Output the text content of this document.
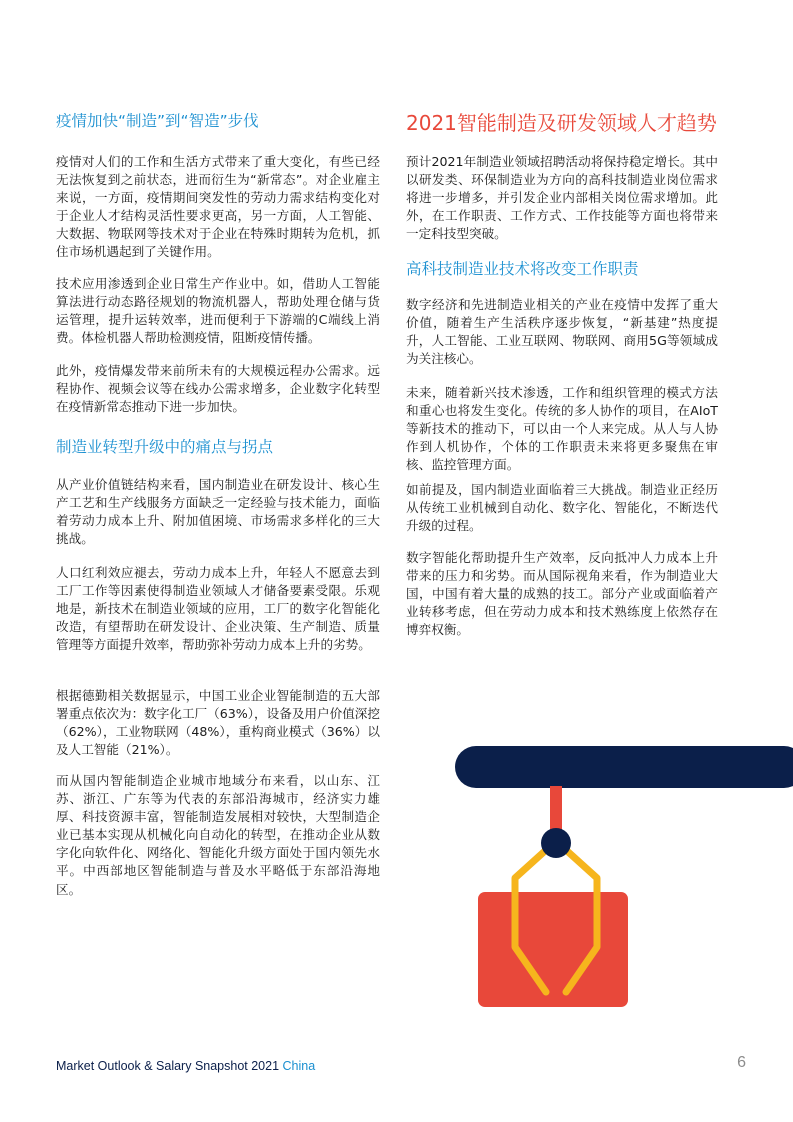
疫情加快“制造”到“智造”步伐

疫情对人们的工作和生活方式带来了重大变化，有些已经无法恢复到之前状态，进而衍生为“新常态”。对企业雇主来说，一方面，疫情期间突发性的劳动力需求结构变化对于企业人才结构灵活性要求更高，另一方面，人工智能、大数据、物联网等技术对于企业在特殊时期转为危机，抓住市场机遇起到了关键作用。

技术应用渗透到企业日常生产作业中。如，借助人工智能算法进行动态路径规划的物流机器人，帮助处理仓储与货运管理，提升运转效率，进而便利于下游端的C端线上消费。体检机器人帮助检测疫情，阻断疫情传播。

此外，疫情爆发带来前所未有的大规模远程办公需求。远程协作、视频会议等在线办公需求增多，企业数字化转型在疫情新常态推动下进一步加快。

制造业转型升级中的痛点与拐点

从产业价值链结构来看，国内制造业在研发设计、核心生产工艺和生产线服务方面缺乏一定经验与技术能力，面临着劳动力成本上升、附加值困境、市场需求多样化的三大挑战。

人口红利效应褪去，劳动力成本上升，年轻人不愿意去到工厂工作等因素使得制造业领域人才储备要素受限。乐观地是，新技术在制造业领域的应用，工厂的数字化智能化改造，有望帮助在研发设计、企业决策、生产制造、质量管理等方面提升效率，帮助弥补劳动力成本上升的劣势。

根据德勤相关数据显示，中国工业企业智能制造的五大部署重点依次为：数字化工厂（63%），设备及用户价值深挖（62%），工业物联网（48%），重构商业模式（36%）以及人工智能（21%）。

而从国内智能制造企业城市地域分布来看，以山东、江苏、浙江、广东等为代表的东部沿海城市，经济实力雄厚、科技资源丰富，智能制造发展相对较快，大型制造企业已基本实现从机械化向自动化的转型，在推动企业从数字化向软件化、网络化、智能化升级方面处于国内领先水平。中西部地区智能制造与普及水平略低于东部沿海地区。

2021智能制造及研发领域人才趋势

预计2021年制造业领域招聘活动将保持稳定增长。其中以研发类、环保制造业为方向的高科技制造业岗位需求将进一步增多，并引发企业内部相关岗位需求增加。此外，在工作职责、工作方式、工作技能等方面也将带来一定科技型突破。

高科技制造业技术将改变工作职责

数字经济和先进制造业相关的产业在疫情中发挥了重大价值，随着生产生活秩序逐步恢复，“新基建”热度提升，人工智能、工业互联网、物联网、商用5G等领域成为关注核心。

未来，随着新兴技术渗透，工作和组织管理的模式方法和重心也将发生变化。传统的多人协作的项目，在AIoT等新技术的推动下，可以由一个人来完成。从人与人协作到人机协作，个体的工作职责未来将更多聚焦在审核、监控管理方面。

如前提及，国内制造业面临着三大挑战。制造业正经历从传统工业机械到自动化、数字化、智能化，不断迭代升级的过程。

数字智能化帮助提升生产效率，反向抵冲人力成本上升带来的压力和劣势。而从国际视角来看，作为制造业大国，中国有着大量的成熟的技工。部分产业或面临着产业转移考虑，但在劳动力成本和技术熟练度上依然存在博弈权衡。

Market Outlook & Salary Snapshot 2021 China	6
